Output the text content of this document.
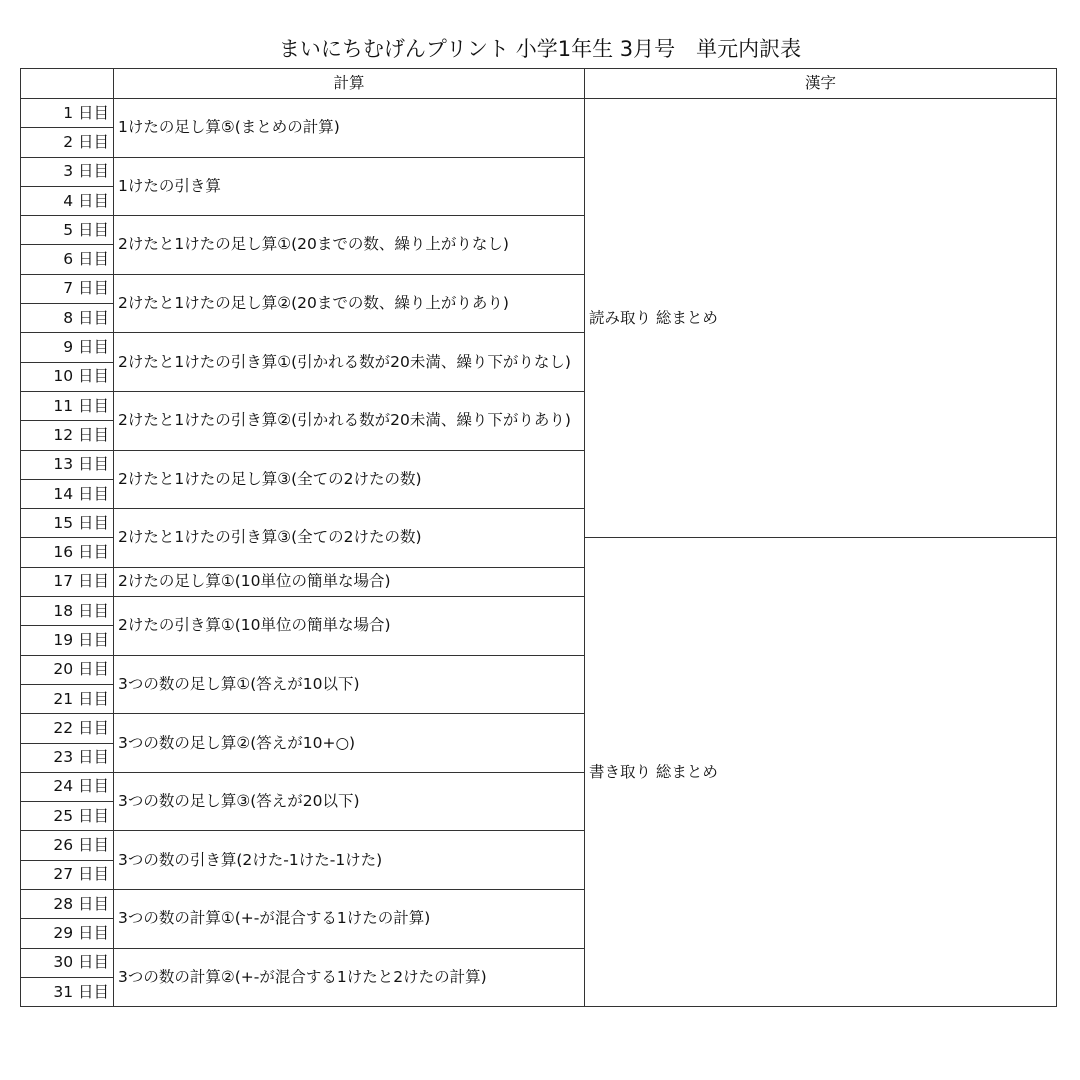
まいにちむげんプリント 小学1年生 3月号　単元内訳表
	計算	漢字
1 日目	1けたの足し算⑤(まとめの計算)	読み取り 総まとめ
2 日目		
3 日目	1けたの引き算	
4 日目		
5 日目	2けたと1けたの足し算①(20までの数、繰り上がりなし)	
6 日目		
7 日目	2けたと1けたの足し算②(20までの数、繰り上がりあり)	
8 日目		
9 日目	2けたと1けたの引き算①(引かれる数が20未満、繰り下がりなし)	
10 日目		
11 日目	2けたと1けたの引き算②(引かれる数が20未満、繰り下がりあり)	
12 日目		
13 日目	2けたと1けたの足し算③(全ての2けたの数)	
14 日目		
15 日目	2けたと1けたの引き算③(全ての2けたの数)	
16 日目		書き取り 総まとめ
17 日目	2けたの足し算①(10単位の簡単な場合)	
18 日目	2けたの引き算①(10単位の簡単な場合)	
19 日目		
20 日目	3つの数の足し算①(答えが10以下)	
21 日目		
22 日目	3つの数の足し算②(答えが10+○)	
23 日目		
24 日目	3つの数の足し算③(答えが20以下)	
25 日目		
26 日目	3つの数の引き算(2けた-1けた-1けた)	
27 日目		
28 日目	3つの数の計算①(+-が混合する1けたの計算)	
29 日目		
30 日目	3つの数の計算②(+-が混合する1けたと2けたの計算)	
31 日目		
